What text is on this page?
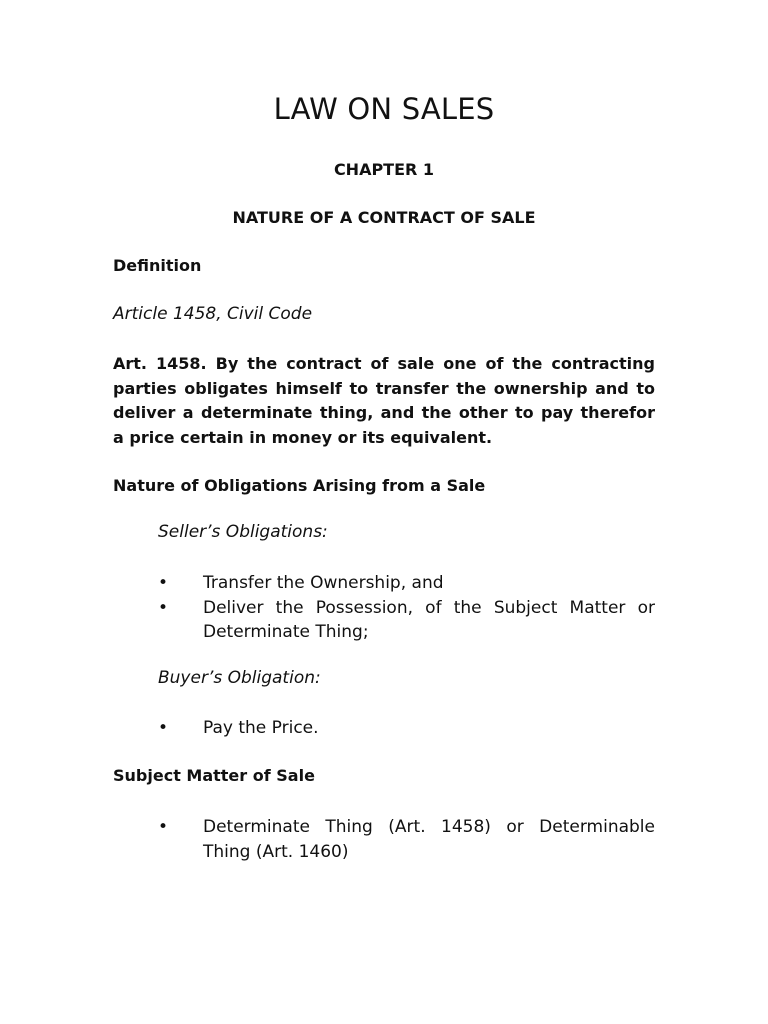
LAW ON SALES
CHAPTER 1
NATURE OF A CONTRACT OF SALE
Definition
Article 1458, Civil Code

Art. 1458. By the contract of sale one of the contracting parties obligates himself to transfer the ownership and to deliver a determinate thing, and the other to pay therefor a price certain in money or its equivalent.

Nature of Obligations Arising from a Sale
Seller’s Obligations:
•	Transfer the Ownership, and
•	Deliver the Possession, of the Subject Matter or Determinate Thing;
Buyer’s Obligation:
•	Pay the Price.
Subject Matter of Sale
•	Determinate Thing (Art. 1458) or Determinable Thing (Art. 1460)
